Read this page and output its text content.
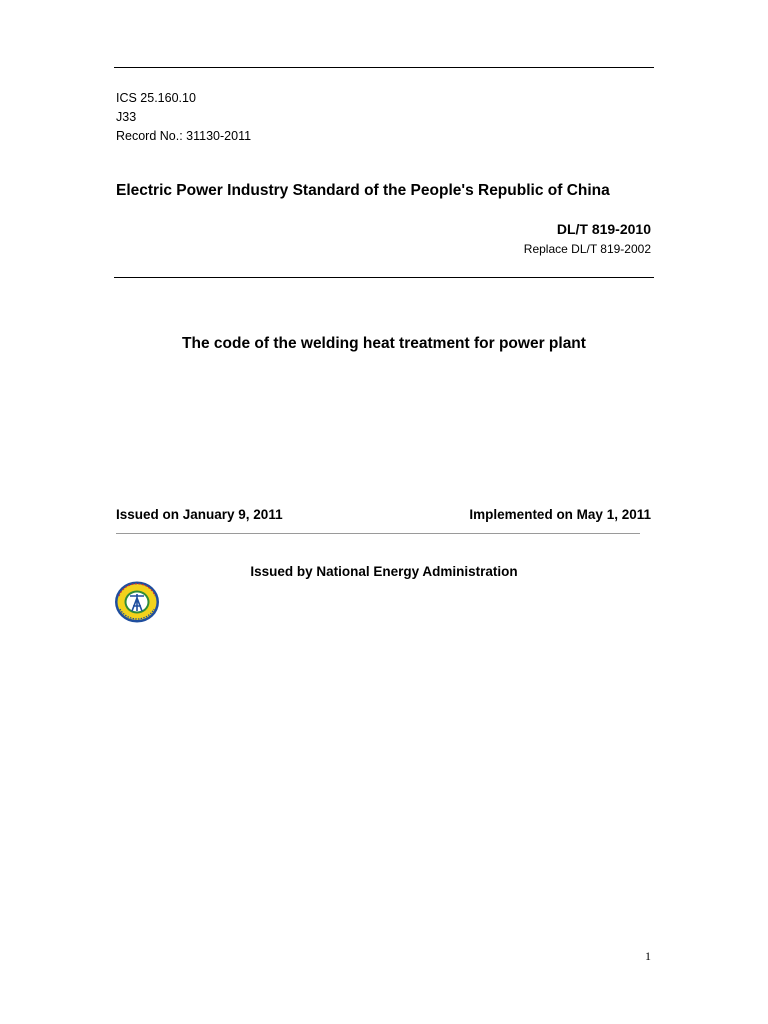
ICS 25.160.10
J33
Record No.: 31130-2011
Electric Power Industry Standard of the People's Republic of China
DL/T 819-2010
Replace DL/T 819-2002
The code of the welding heat treatment for power plant
Issued on January 9, 2011	Implemented on May 1, 2011
Issued by National Energy Administration
1
